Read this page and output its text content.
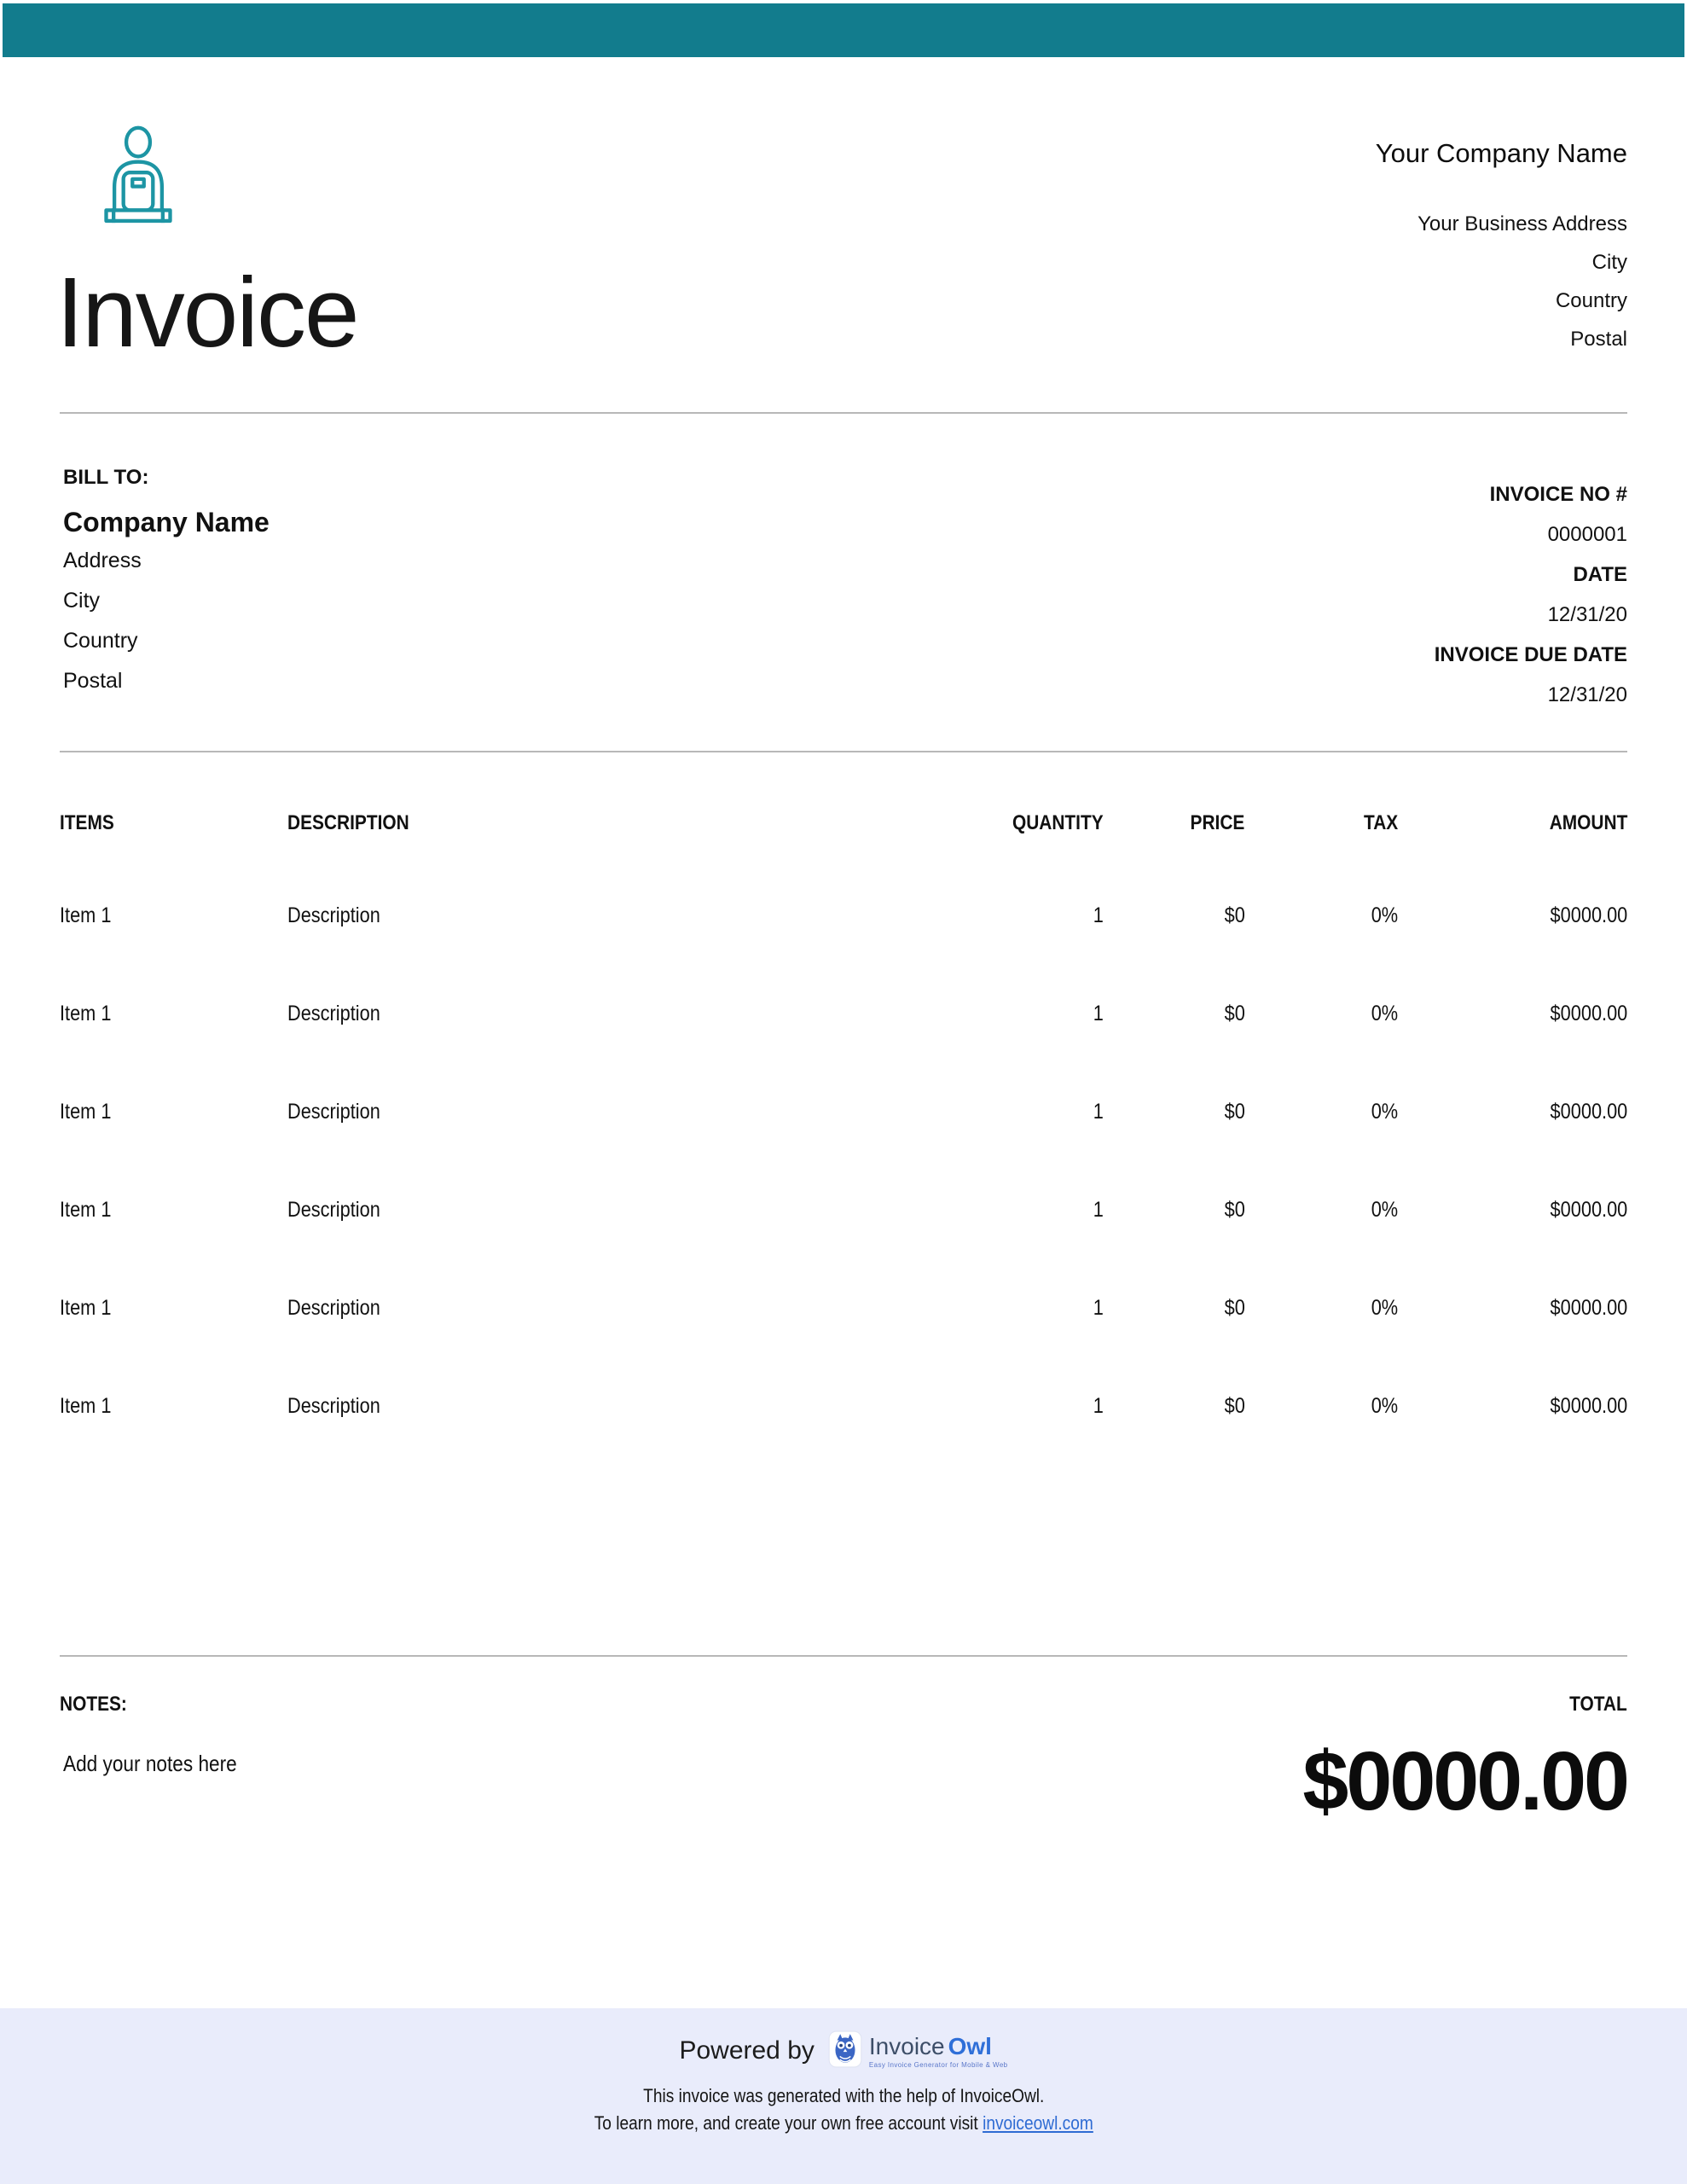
Invoice
Your Company Name
Your Business Address
City
Country
Postal
BILL TO:
Company Name
Address
City
Country
Postal
INVOICE NO #
0000001
DATE
12/31/20
INVOICE DUE DATE
12/31/20
ITEMS	DESCRIPTION	QUANTITY	PRICE	TAX	AMOUNT
Item 1	Description	1	$0	0%	$0000.00
Item 1	Description	1	$0	0%	$0000.00
Item 1	Description	1	$0	0%	$0000.00
Item 1	Description	1	$0	0%	$0000.00
Item 1	Description	1	$0	0%	$0000.00
Item 1	Description	1	$0	0%	$0000.00
NOTES:	TOTAL
Add your notes here	$0000.00
Powered by Invoice Owl
Easy Invoice Generator for Mobile & Web
This invoice was generated with the help of InvoiceOwl.
To learn more, and create your own free account visit invoiceowl.com
